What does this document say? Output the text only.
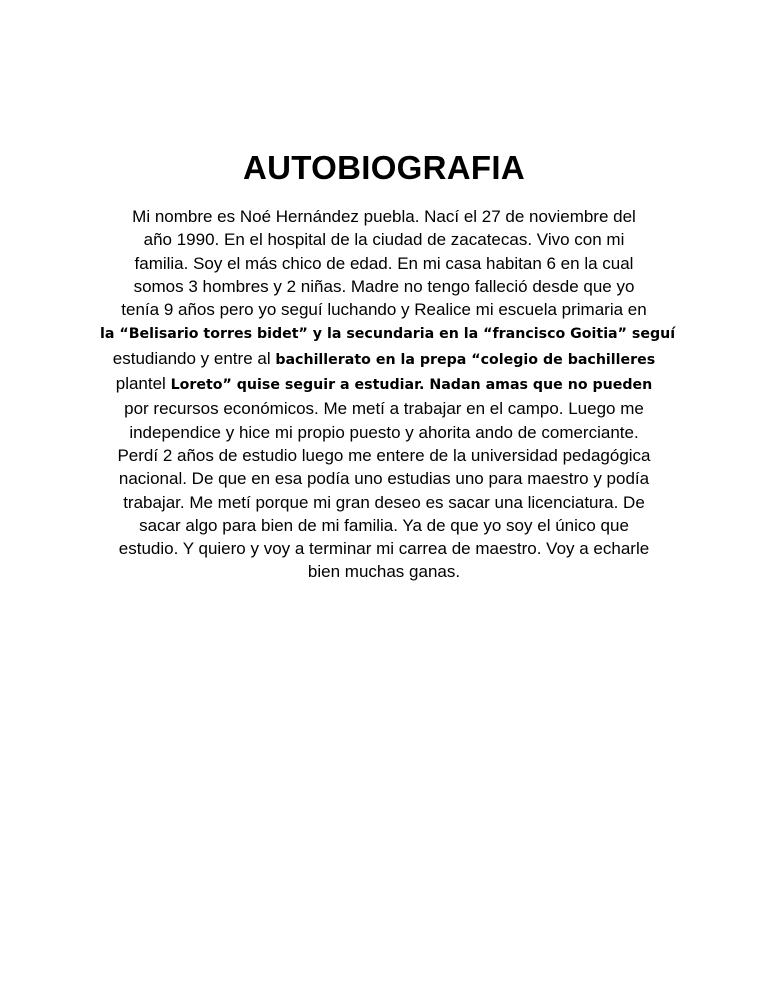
AUTOBIOGRAFIA
Mi nombre es Noé Hernández puebla. Nací el 27 de noviembre del
año 1990. En el hospital de la ciudad de zacatecas. Vivo con mi
familia. Soy el más chico de edad. En mi casa habitan 6 en la cual
somos 3 hombres y 2 niñas. Madre no tengo falleció desde que yo
tenía 9 años pero yo seguí luchando y Realice mi escuela primaria en
la “Belisario torres bidet” y la secundaria en la “francisco Goitia” seguí
estudiando y entre al bachillerato en la prepa “colegio de bachilleres
plantel Loreto” quise seguir a estudiar. Nadan amas que no pueden
por recursos económicos. Me metí a trabajar en el campo. Luego me
independice y hice mi propio puesto y ahorita ando de comerciante.
Perdí 2 años de estudio luego me entere de la universidad pedagógica
nacional. De que en esa podía uno estudias uno para maestro y podía
trabajar. Me metí porque mi gran deseo es sacar una licenciatura. De
sacar algo para bien de mi familia. Ya de que yo soy el único que
estudio. Y quiero y voy a terminar mi carrea de maestro. Voy a echarle
bien muchas ganas.
